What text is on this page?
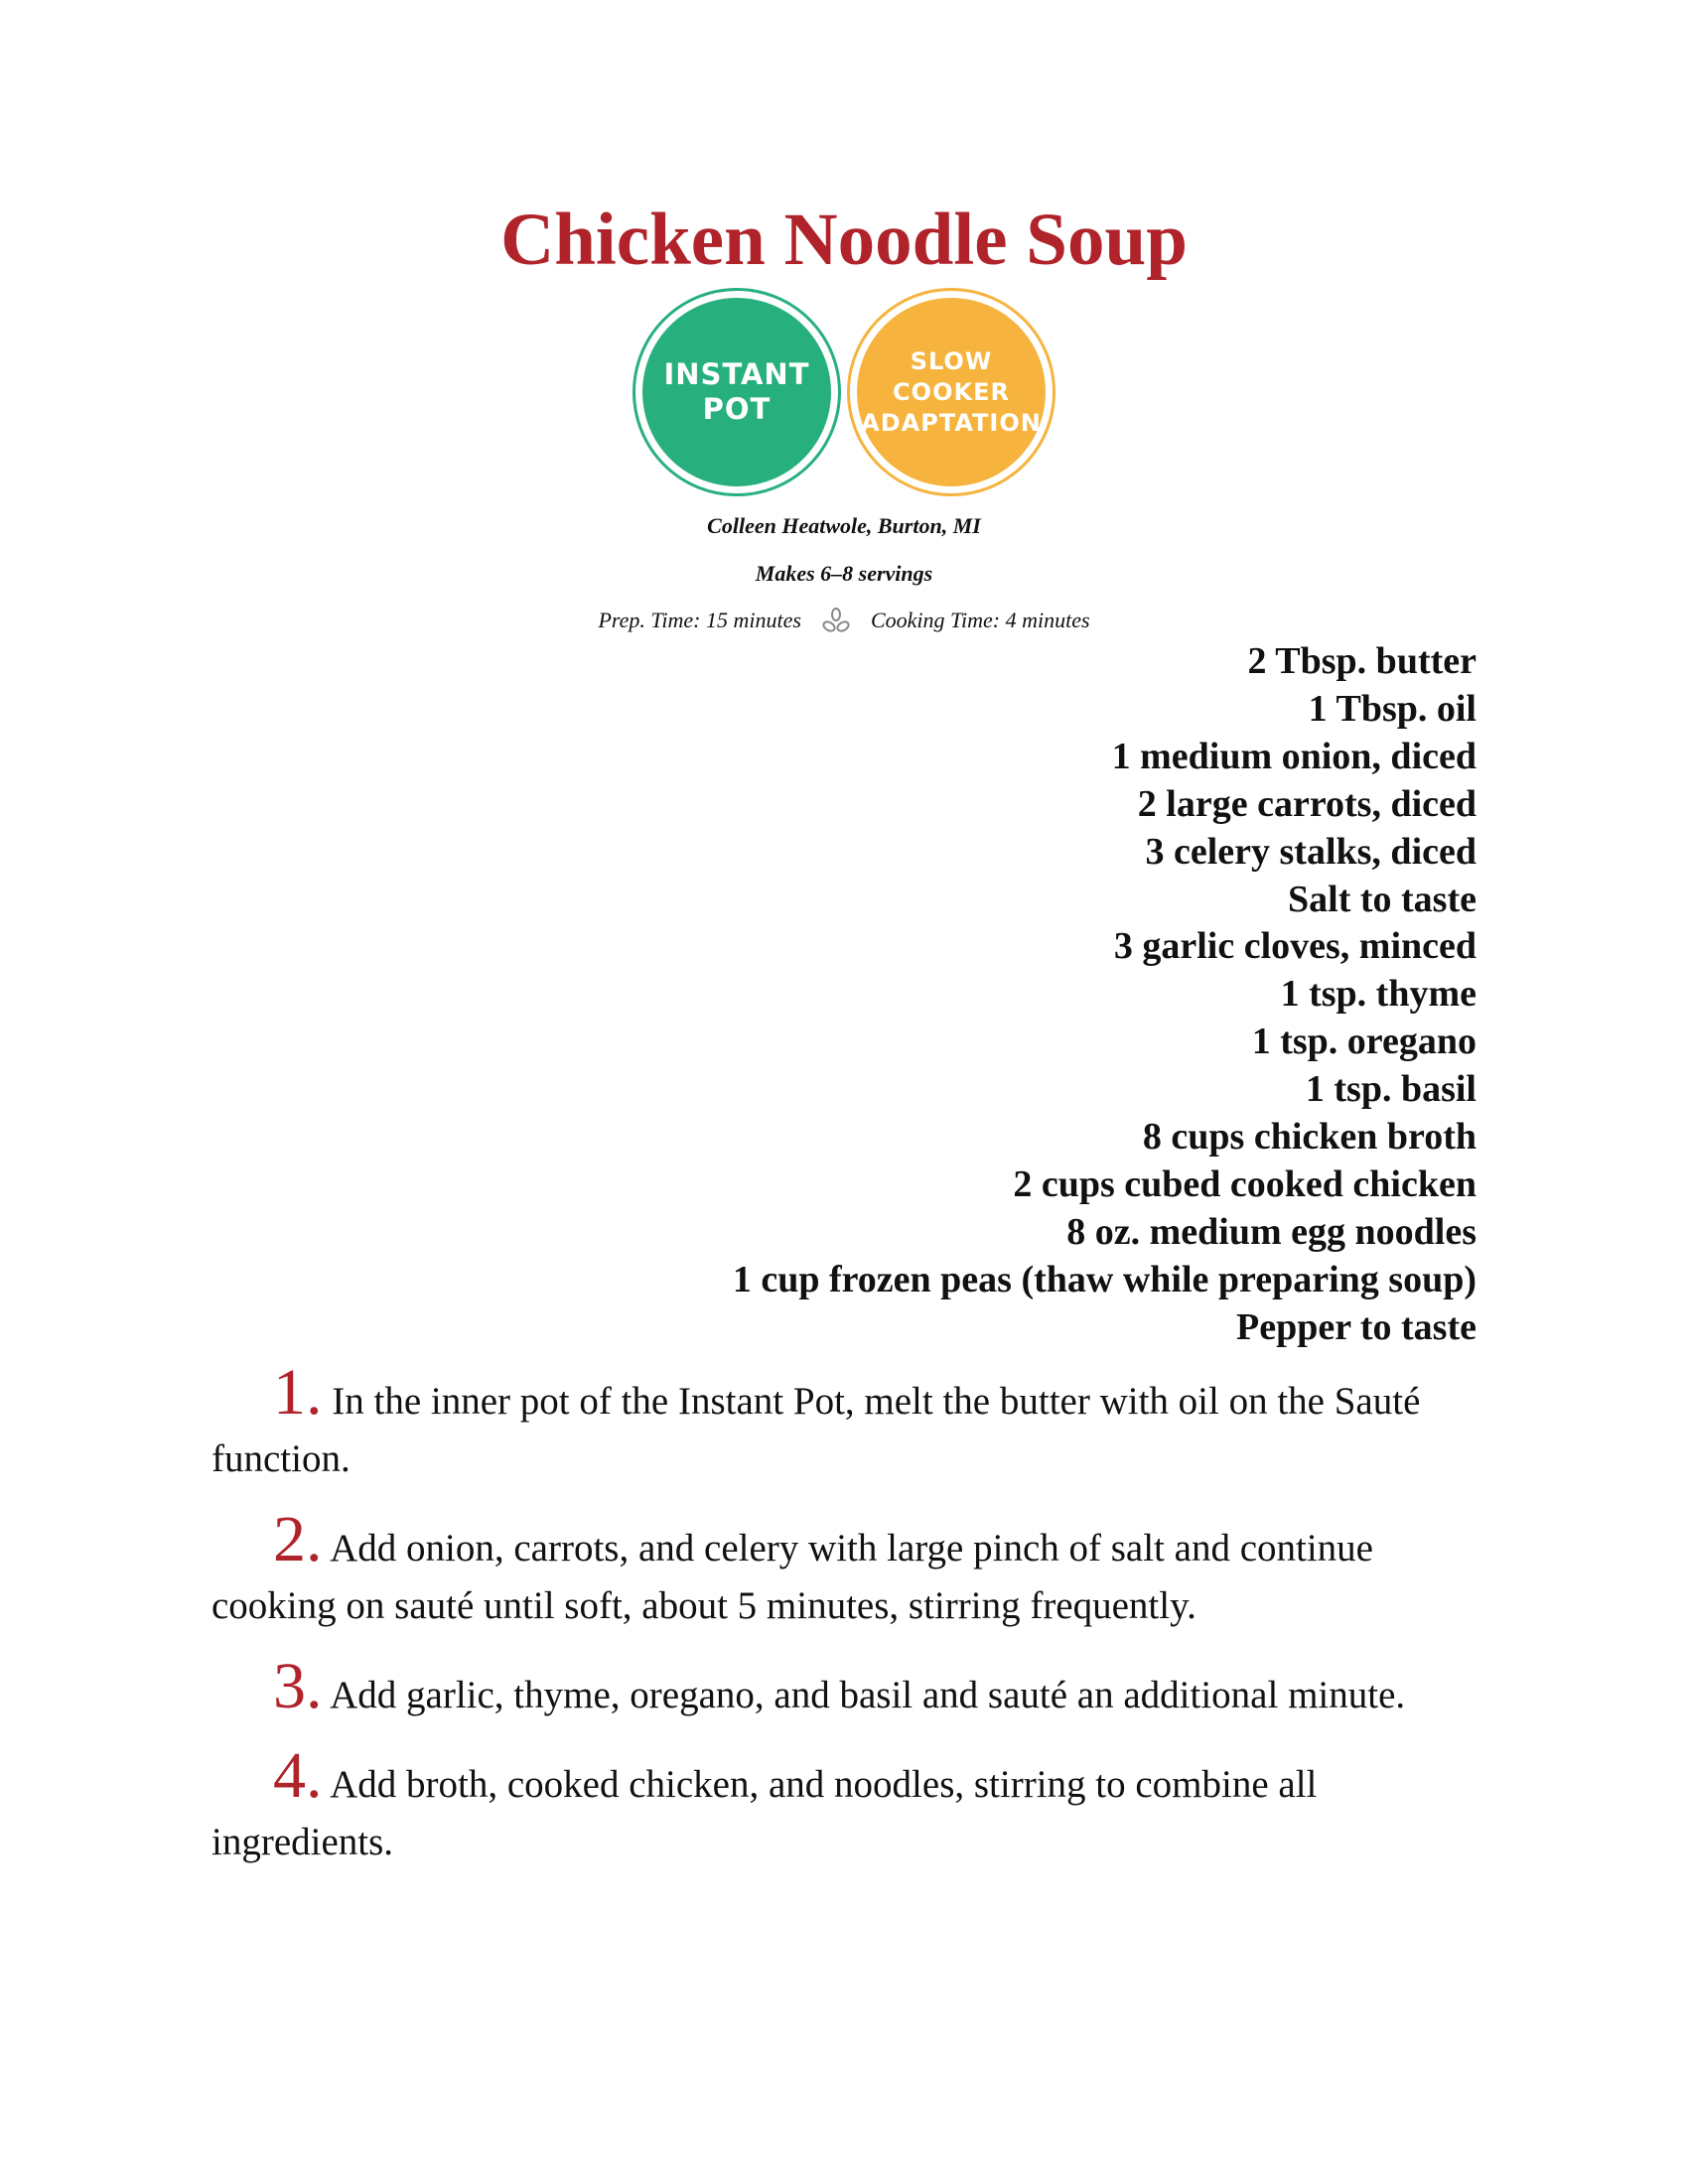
Chicken Noodle Soup
INSTANT
POT
SLOW
COOKER
ADAPTATION
Colleen Heatwole, Burton, MI
Makes 6–8 servings
Prep. Time: 15 minutes	Cooking Time: 4 minutes
2 Tbsp. butter
1 Tbsp. oil
1 medium onion, diced
2 large carrots, diced
3 celery stalks, diced
Salt to taste
3 garlic cloves, minced
1 tsp. thyme
1 tsp. oregano
1 tsp. basil
8 cups chicken broth
2 cups cubed cooked chicken
8 oz. medium egg noodles
1 cup frozen peas (thaw while preparing soup)
Pepper to taste

1. In the inner pot of the Instant Pot, melt the butter with oil on the Sauté function.

2. Add onion, carrots, and celery with large pinch of salt and continue cooking on sauté until soft, about 5 minutes, stirring frequently.

3. Add garlic, thyme, oregano, and basil and sauté an additional minute.

4. Add broth, cooked chicken, and noodles, stirring to combine all ingredients.
